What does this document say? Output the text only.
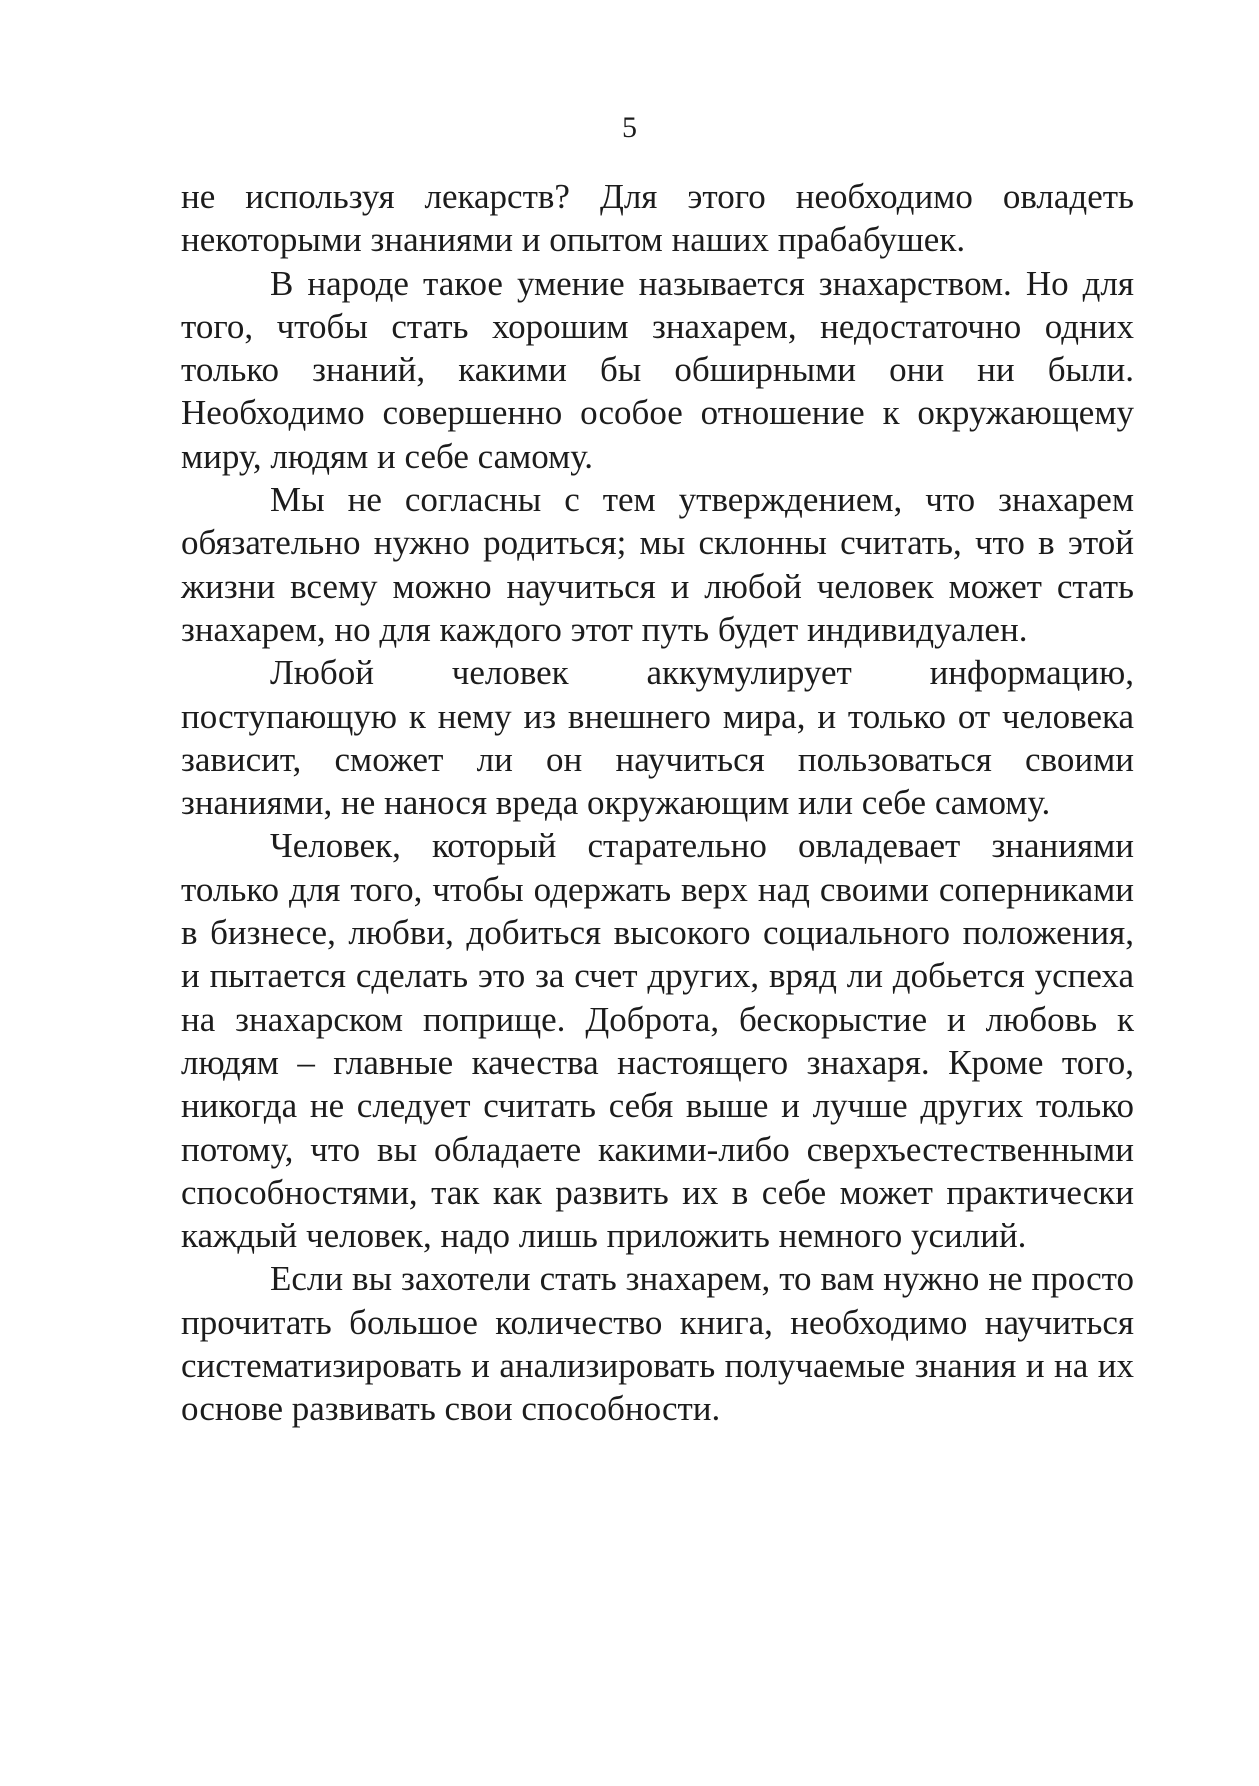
5

не используя лекарств? Для этого необходимо овладеть некоторыми знаниями и опытом наших прабабушек.

В народе такое умение называется знахарством. Но для того, чтобы стать хорошим знахарем, недостаточно одних только знаний, какими бы обширными они ни были. Необходимо совершенно особое отношение к окружающему миру, людям и себе самому.

Мы не согласны с тем утверждением, что знахарем обязательно нужно родиться; мы склонны считать, что в этой жизни всему можно научиться и любой человек может стать знахарем, но для каждого этот путь будет индивидуален.

Любой человек аккумулирует информацию, поступающую к нему из внешнего мира, и только от человека зависит, сможет ли он научиться пользоваться своими знаниями, не нанося вреда окружающим или себе самому.

Человек, который старательно овладевает знаниями только для того, чтобы одержать верх над своими соперниками в бизнесе, любви, добиться высокого социального положения, и пытается сделать это за счет других, вряд ли добьется успеха на знахарском поприще. Доброта, бескорыстие и любовь к людям – главные качества настоящего знахаря. Кроме того, никогда не следует считать себя выше и лучше других только потому, что вы обладаете какими-либо сверхъестественными способностями, так как развить их в себе может практически каждый человек, надо лишь приложить немного усилий.

Если вы захотели стать знахарем, то вам нужно не просто прочитать большое количество книга, необходимо научиться систематизировать и анализировать получаемые знания и на их основе развивать свои способности.
